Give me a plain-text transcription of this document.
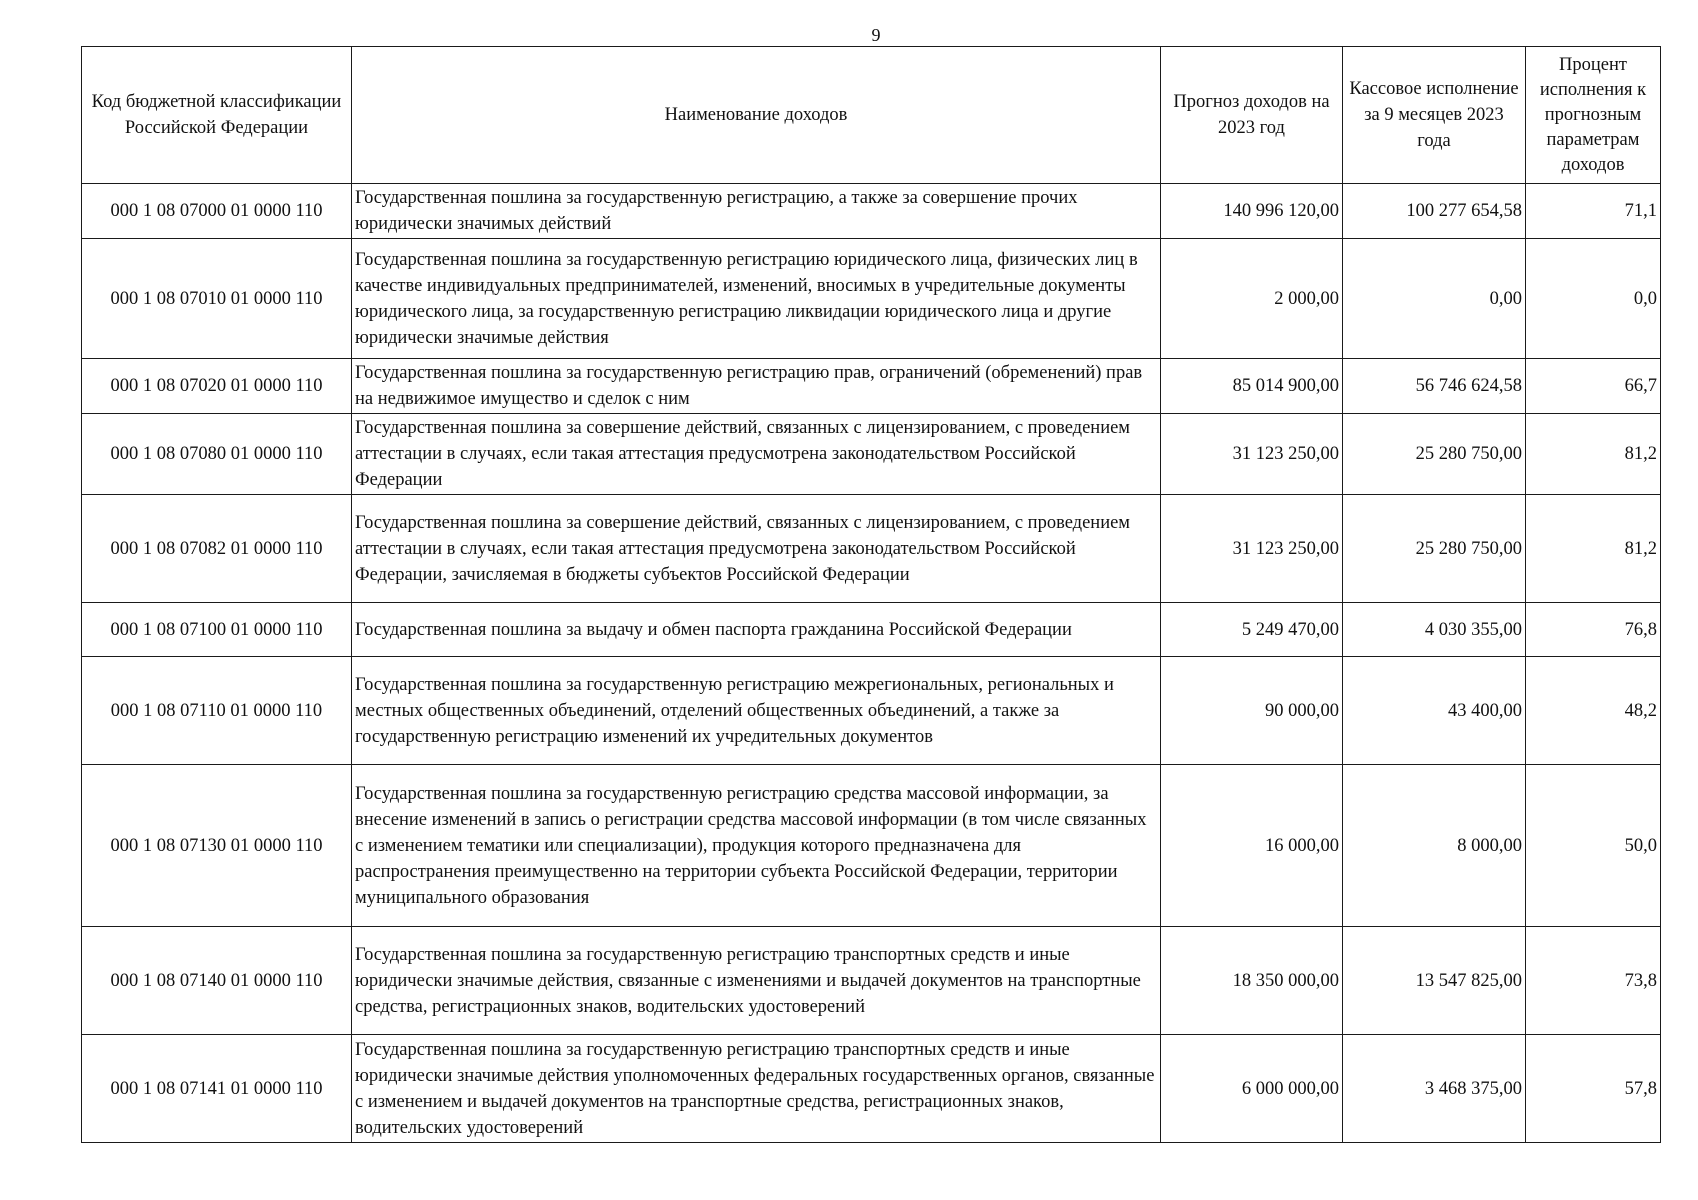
9
Код бюджетной классификации Российской Федерации	Наименование доходов	Прогноз доходов на 2023 год	Кассовое исполнение за 9 месяцев 2023 года	Процент исполнения к прогнозным параметрам доходов
000 1 08 07000 01 0000 110	Государственная пошлина за государственную регистрацию, а также за совершение прочих юридически значимых действий	140 996 120,00	100 277 654,58	71,1
000 1 08 07010 01 0000 110	Государственная пошлина за государственную регистрацию юридического лица, физических лиц в качестве индивидуальных предпринимателей, изменений, вносимых в учредительные документы юридического лица, за государственную регистрацию ликвидации юридического лица и другие юридически значимые действия	2 000,00	0,00	0,0
000 1 08 07020 01 0000 110	Государственная пошлина за государственную регистрацию прав, ограничений (обременений) прав на недвижимое имущество и сделок с ним	85 014 900,00	56 746 624,58	66,7
000 1 08 07080 01 0000 110	Государственная пошлина за совершение действий, связанных с лицензированием, с проведением аттестации в случаях, если такая аттестация предусмотрена законодательством Российской Федерации	31 123 250,00	25 280 750,00	81,2
000 1 08 07082 01 0000 110	Государственная пошлина за совершение действий, связанных с лицензированием, с проведением аттестации в случаях, если такая аттестация предусмотрена законодательством Российской Федерации, зачисляемая в бюджеты субъектов Российской Федерации	31 123 250,00	25 280 750,00	81,2
000 1 08 07100 01 0000 110	Государственная пошлина за выдачу и обмен паспорта гражданина Российской Федерации	5 249 470,00	4 030 355,00	76,8
000 1 08 07110 01 0000 110	Государственная пошлина за государственную регистрацию межрегиональных, региональных и местных общественных объединений, отделений общественных объединений, а также за государственную регистрацию изменений их учредительных документов	90 000,00	43 400,00	48,2
000 1 08 07130 01 0000 110	Государственная пошлина за государственную регистрацию средства массовой информации, за внесение изменений в запись о регистрации средства массовой информации (в том числе связанных с изменением тематики или специализации), продукция которого предназначена для распространения преимущественно на территории субъекта Российской Федерации, территории муниципального образования	16 000,00	8 000,00	50,0
000 1 08 07140 01 0000 110	Государственная пошлина за государственную регистрацию транспортных средств и иные юридически значимые действия, связанные с изменениями и выдачей документов на транспортные средства, регистрационных знаков, водительских удостоверений	18 350 000,00	13 547 825,00	73,8
000 1 08 07141 01 0000 110	Государственная пошлина за государственную регистрацию транспортных средств и иные юридически значимые действия уполномоченных федеральных государственных органов, связанные с изменением и выдачей документов на транспортные средства, регистрационных знаков, водительских удостоверений	6 000 000,00	3 468 375,00	57,8
